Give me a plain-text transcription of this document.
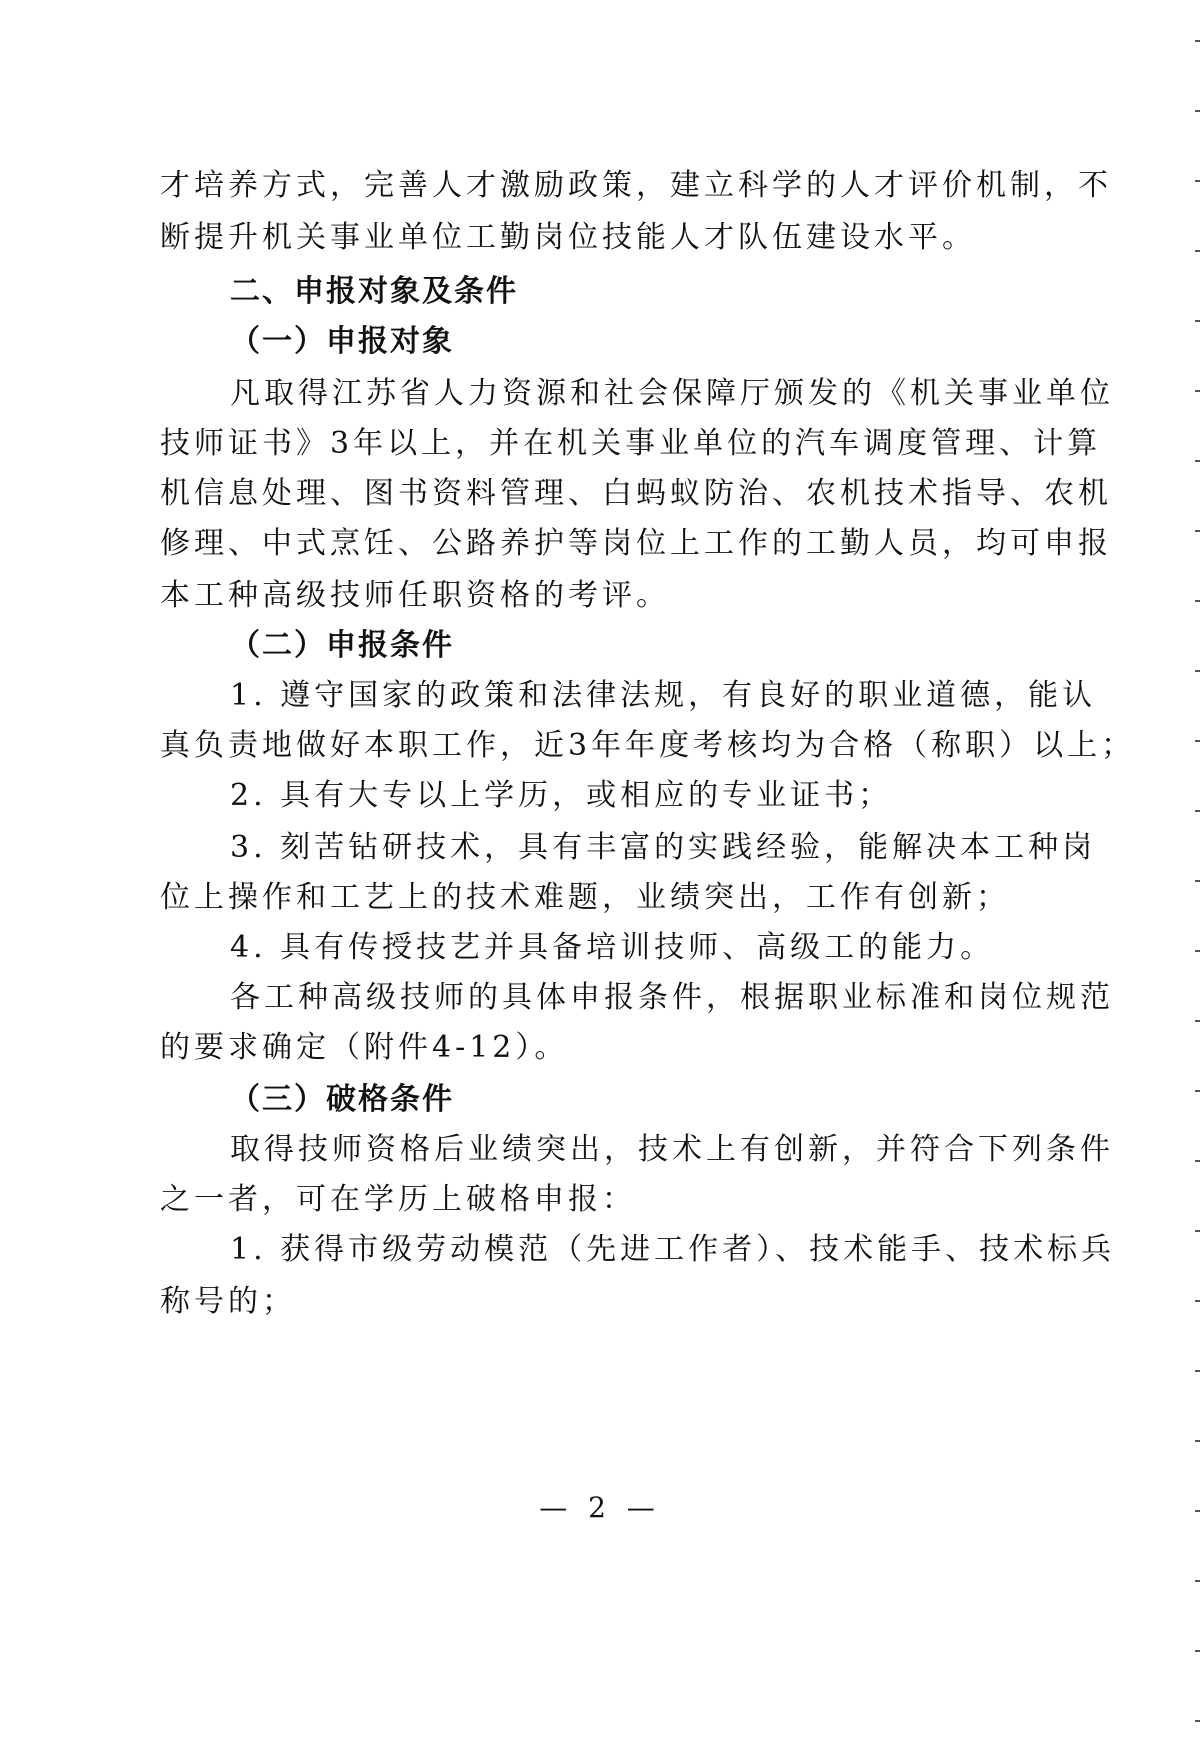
才培养方式，完善人才激励政策，建立科学的人才评价机制，不
断提升机关事业单位工勤岗位技能人才队伍建设水平。
二、申报对象及条件
（一）申报对象
凡取得江苏省人力资源和社会保障厅颁发的《机关事业单位
技师证书》3年以上，并在机关事业单位的汽车调度管理、计算
机信息处理、图书资料管理、白蚂蚁防治、农机技术指导、农机
修理、中式烹饪、公路养护等岗位上工作的工勤人员，均可申报
本工种高级技师任职资格的考评。
（二）申报条件
1. 遵守国家的政策和法律法规，有良好的职业道德，能认
真负责地做好本职工作，近3年年度考核均为合格（称职）以上；
2. 具有大专以上学历，或相应的专业证书；
3. 刻苦钻研技术，具有丰富的实践经验，能解决本工种岗
位上操作和工艺上的技术难题，业绩突出，工作有创新；
4. 具有传授技艺并具备培训技师、高级工的能力。
各工种高级技师的具体申报条件，根据职业标准和岗位规范
的要求确定（附件4-12）。
（三）破格条件
取得技师资格后业绩突出，技术上有创新，并符合下列条件
之一者，可在学历上破格申报：
1. 获得市级劳动模范（先进工作者）、技术能手、技术标兵
称号的；
— 2 —
